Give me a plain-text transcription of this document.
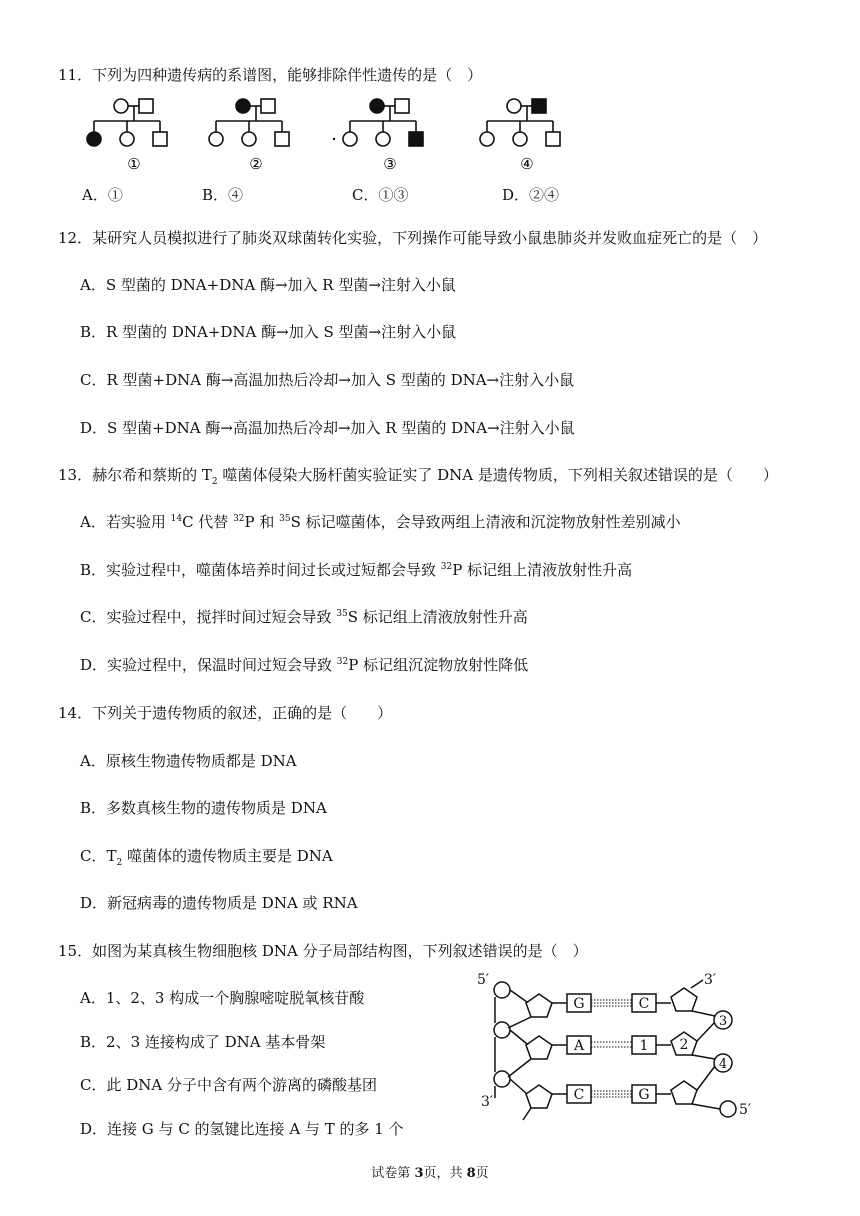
11．下列为四种遗传病的系谱图，能够排除伴性遗传的是（　）
①	②	③	④
A．①	B．④	C．①③	D．②④
12．某研究人员模拟进行了肺炎双球菌转化实验，下列操作可能导致小鼠患肺炎并发败血症死亡的是（　）
A．S 型菌的 DNA+DNA 酶→加入 R 型菌→注射入小鼠
B．R 型菌的 DNA+DNA 酶→加入 S 型菌→注射入小鼠
C．R 型菌+DNA 酶→高温加热后冷却→加入 S 型菌的 DNA→注射入小鼠
D．S 型菌+DNA 酶→高温加热后冷却→加入 R 型菌的 DNA→注射入小鼠
13．赫尔希和蔡斯的 $T_2$ 噬菌体侵染大肠杆菌实验证实了 DNA 是遗传物质，下列相关叙述错误的是（　　）
A．若实验用 $^{14}$C 代替 $^{32}$P 和 $^{35}$S 标记噬菌体，会导致两组上清液和沉淀物放射性差别减小
B．实验过程中，噬菌体培养时间过长或过短都会导致 $^{32}$P 标记组上清液放射性升高
C．实验过程中，搅拌时间过短会导致 $^{35}$S 标记组上清液放射性升高
D．实验过程中，保温时间过短会导致 $^{32}$P 标记组沉淀物放射性降低
14．下列关于遗传物质的叙述，正确的是（　　）
A．原核生物遗传物质都是 DNA
B．多数真核生物的遗传物质是 DNA
C．$T_2$ 噬菌体的遗传物质主要是 DNA
D．新冠病毒的遗传物质是 DNA 或 RNA
15．如图为某真核生物细胞核 DNA 分子局部结构图，下列叙述错误的是（　）
A．1、2、3 构成一个胸腺嘧啶脱氧核苷酸
B．2、3 连接构成了 DNA 基本骨架
C．此 DNA 分子中含有两个游离的磷酸基团
D．连接 G 与 C 的氢键比连接 A 与 T 的多 1 个
G
A
C
C
1
G
2
3
4
5′	3′
3′	5′
试卷第 3页，共 8页
